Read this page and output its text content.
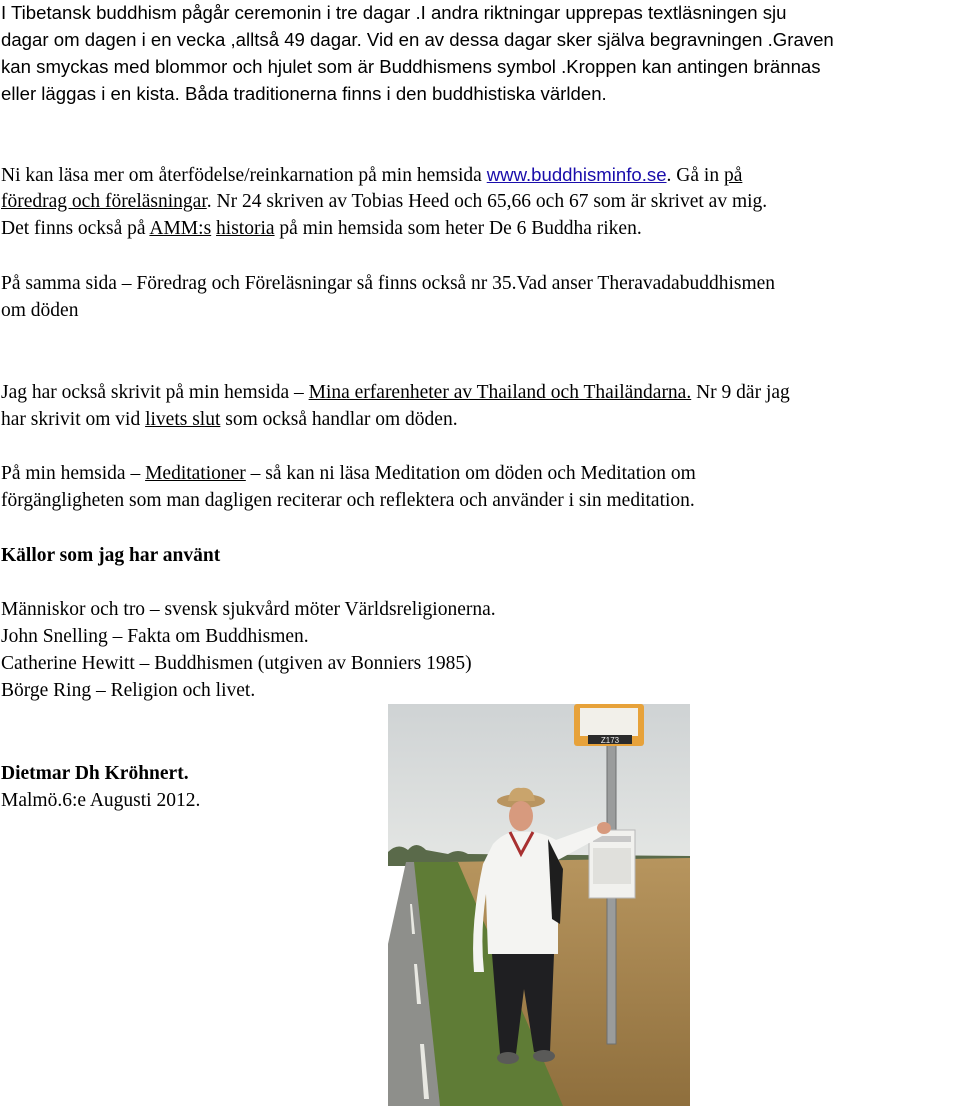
I Tibetansk buddhism pågår ceremonin i tre dagar .I andra riktningar upprepas textläsningen sju
dagar om dagen i en vecka ,alltså 49 dagar. Vid en av dessa dagar sker själva begravningen .Graven
kan smyckas med blommor och hjulet som är Buddhismens symbol .Kroppen kan antingen brännas
eller läggas i en kista. Båda traditionerna finns i den buddhistiska världen.
Ni kan läsa mer om återfödelse/reinkarnation på min hemsida www.buddhisminfo.se. Gå in på
föredrag och föreläsningar. Nr 24 skriven av Tobias Heed och 65,66 och 67 som är skrivet av mig.
Det finns också på AMM:s historia på min hemsida som heter De 6 Buddha riken.
På samma sida – Föredrag och Föreläsningar så finns också nr 35.Vad anser Theravadabuddhismen
om döden
Jag har också skrivit på min hemsida – Mina erfarenheter av Thailand och Thailändarna. Nr 9 där jag
har skrivit om vid livets slut som också handlar om döden.
På min hemsida – Meditationer – så kan ni läsa Meditation om döden och Meditation om
förgängligheten som man dagligen reciterar och reflektera och använder i sin meditation.
Källor som jag har använt
Människor och tro – svensk sjukvård möter Världsreligionerna.
John Snelling – Fakta om Buddhismen.
Catherine Hewitt – Buddhismen (utgiven av Bonniers 1985)
Börge Ring – Religion och livet.
Dietmar Dh Kröhnert.
Malmö.6:e Augusti 2012.
Z173
